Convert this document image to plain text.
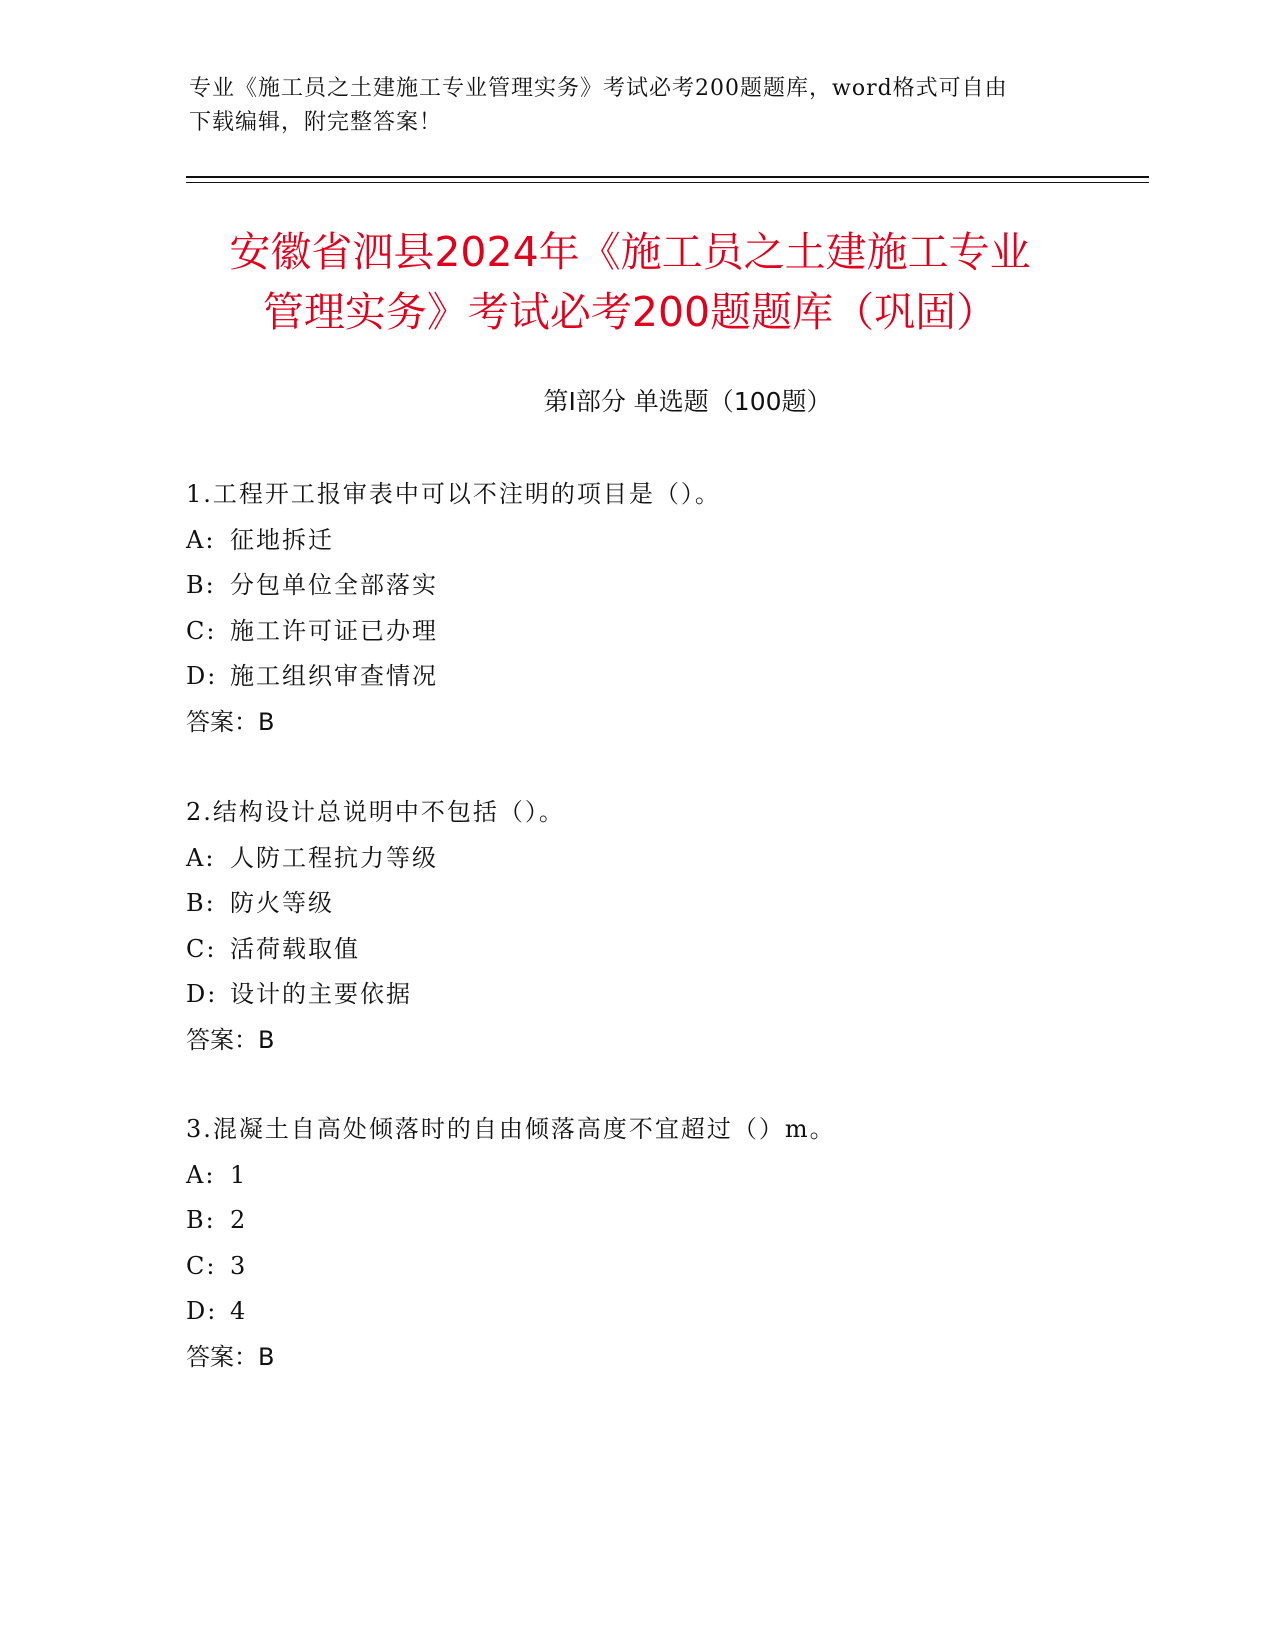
专业《施工员之土建施工专业管理实务》考试必考200题题库，word格式可自由
下载编辑，附完整答案！
安徽省泗县2024年《施工员之土建施工专业
管理实务》考试必考200题题库（巩固）
第Ⅰ部分 单选题（100题）
1.工程开工报审表中可以不注明的项目是（）。
A: 征地拆迁
B: 分包单位全部落实
C: 施工许可证已办理
D: 施工组织审查情况
答案：B
2.结构设计总说明中不包括（）。
A: 人防工程抗力等级
B: 防火等级
C: 活荷载取值
D: 设计的主要依据
答案：B
3.混凝土自高处倾落时的自由倾落高度不宜超过（）m。
A: 1
B: 2
C: 3
D: 4
答案：B
